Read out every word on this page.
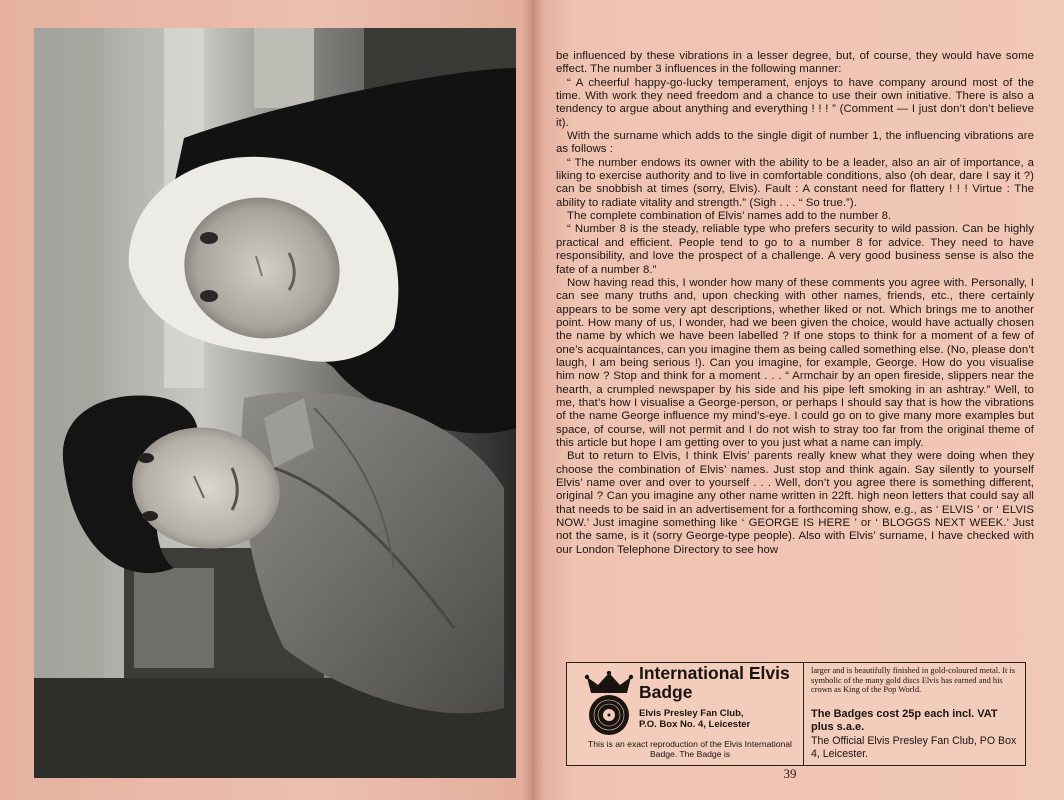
be influenced by these vibrations in a lesser degree, but, of course, they would have some effect. The number 3 influences in the following manner:

“ A cheerful happy-go-lucky temperament, enjoys to have company around most of the time. With work they need freedom and a chance to use their own initiative. There is also a tendency to argue about anything and everything ! ! ! ” (Comment — I just don’t don’t believe it).

With the surname which adds to the single digit of number 1, the influencing vibrations are as follows :

“ The number endows its owner with the ability to be a leader, also an air of importance, a liking to exercise authority and to live in comfortable conditions, also (oh dear, dare I say it ?) can be snobbish at times (sorry, Elvis). Fault : A constant need for flattery ! ! ! Virtue : The ability to radiate vitality and strength.” (Sigh . . . “ So true.”).

The complete combination of Elvis’ names add to the number 8.

“ Number 8 is the steady, reliable type who prefers security to wild passion. Can be highly practical and efficient. People tend to go to a number 8 for advice. They need to have responsibility, and love the prospect of a challenge. A very good business sense is also the fate of a number 8.”

Now having read this, I wonder how many of these comments you agree with. Personally, I can see many truths and, upon checking with other names, friends, etc., there certainly appears to be some very apt descriptions, whether liked or not. Which brings me to another point. How many of us, I wonder, had we been given the choice, would have actually chosen the name by which we have been labelled ? If one stops to think for a moment of a few of one’s acquaintances, can you imagine them as being called something else. (No, please don’t laugh, I am being serious !). Can you imagine, for example, George. How do you visualise him now ? Stop and think for a moment . . . “ Armchair by an open fireside, slippers near the hearth, a crumpled newspaper by his side and his pipe left smoking in an ashtray.” Well, to me, that’s how I visualise a George-person, or perhaps I should say that is how the vibrations of the name George influence my mind’s-eye. I could go on to give many more examples but space, of course, will not permit and I do not wish to stray too far from the original theme of this article but hope I am getting over to you just what a name can imply.

But to return to Elvis, I think Elvis’ parents really knew what they were doing when they choose the combination of Elvis’ names. Just stop and think again. Say silently to yourself Elvis’ name over and over to yourself . . . Well, don’t you agree there is something different, original ? Can you imagine any other name written in 22ft. high neon letters that could say all that needs to be said in an advertisement for a forthcoming show, e.g., as ‘ ELVIS ’ or ‘ ELVIS NOW.’ Just imagine something like ‘ GEORGE IS HERE ’ or ‘ BLOGGS NEXT WEEK.’ Just not the same, is it (sorry George-type people). Also with Elvis’ surname, I have checked with our London Telephone Directory to see how

International Elvis Badge
Elvis Presley Fan Club,
P.O. Box No. 4, Leicester
This is an exact reproduction of the Elvis International Badge. The Badge is
larger and is beautifully finished in gold-coloured metal. It is symbolic of the many gold discs Elvis has earned and his crown as King of the Pop World.
The Badges cost 25p each incl. VAT plus s.a.e.
The Official Elvis Presley Fan Club, PO Box 4, Leicester.
39
